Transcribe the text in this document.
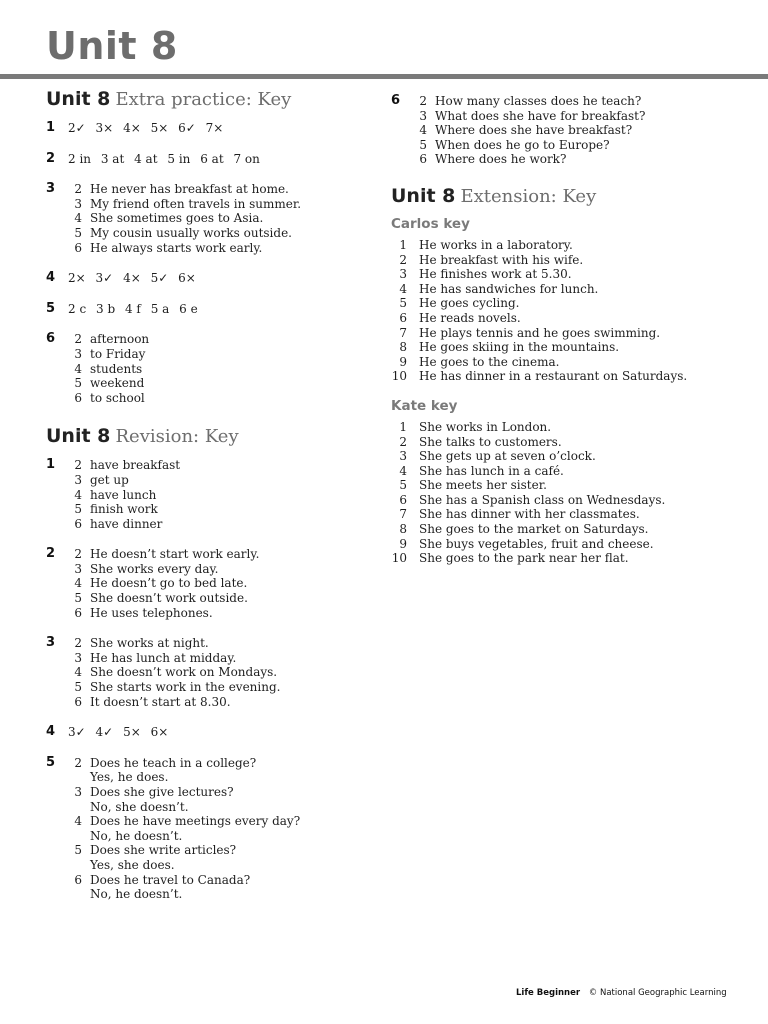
Unit 8
Unit 8 Extra practice: Key
1 2✓ 3× 4× 5× 6✓ 7×
2 2 in 3 at 4 at 5 in 6 at 7 on
3	2 He never has breakfast at home.
3 My friend often travels in summer.
4 She sometimes goes to Asia.
5 My cousin usually works outside.
6 He always starts work early.
4 2× 3✓ 4× 5✓ 6×
5 2 c 3 b 4 f 5 a 6 e
6	2 afternoon
3 to Friday
4 students
5 weekend
6 to school
Unit 8 Revision: Key
1	2 have breakfast
3 get up
4 have lunch
5 finish work
6 have dinner
2	2 He doesn’t start work early.
3 She works every day.
4 He doesn’t go to bed late.
5 She doesn’t work outside.
6 He uses telephones.
3	2 She works at night.
3 He has lunch at midday.
4 She doesn’t work on Mondays.
5 She starts work in the evening.
6 It doesn’t start at 8.30.
4 3✓ 4✓ 5× 6×
5	2 Does he teach in a college?
Yes, he does.
3 Does she give lectures?
No, she doesn’t.
4 Does he have meetings every day?
No, he doesn’t.
5 Does she write articles?
Yes, she does.
6 Does he travel to Canada?
No, he doesn’t.
6	2 How many classes does he teach?
3 What does she have for breakfast?
4 Where does she have breakfast?
5 When does he go to Europe?
6 Where does he work?
Unit 8 Extension: Key
Carlos key
1 He works in a laboratory.
2 He breakfast with his wife.
3 He finishes work at 5.30.
4 He has sandwiches for lunch.
5 He goes cycling.
6 He reads novels.
7 He plays tennis and he goes swimming.
8 He goes skiing in the mountains.
9 He goes to the cinema.
10 He has dinner in a restaurant on Saturdays.
Kate key
1 She works in London.
2 She talks to customers.
3 She gets up at seven o’clock.
4 She has lunch in a café.
5 She meets her sister.
6 She has a Spanish class on Wednesdays.
7 She has dinner with her classmates.
8 She goes to the market on Saturdays.
9 She buys vegetables, fruit and cheese.
10 She goes to the park near her flat.
Life Beginner © National Geographic Learning
